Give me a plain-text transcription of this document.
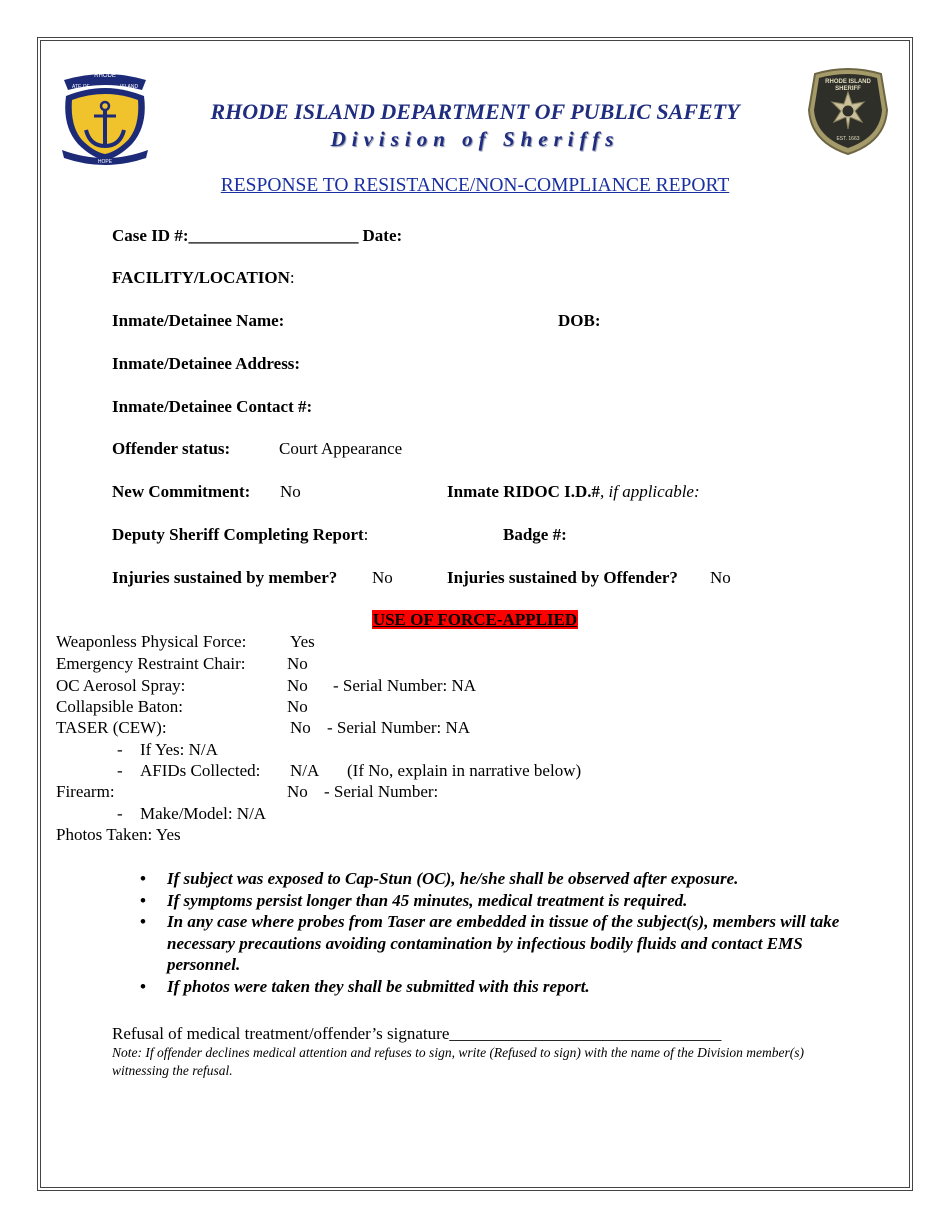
RHODE
ATE OF	ISLAND
HOPE
RHODE ISLAND
SHERIFF
EST. 1663
RHODE ISLAND DEPARTMENT OF PUBLIC SAFETY
Division of Sheriffs
RESPONSE TO RESISTANCE/NON-COMPLIANCE REPORT
Case ID #:____________________ Date:
FACILITY/LOCATION:
Inmate/Detainee Name:	DOB:
Inmate/Detainee Address:
Inmate/Detainee Contact #:
Offender status:	Court Appearance
New Commitment: No	Inmate RIDOC I.D.#, if applicable:
Deputy Sheriff Completing Report:	Badge #:
Injuries sustained by member? No	Injuries sustained by Offender? No
USE OF FORCE-APPLIED
Weaponless Physical Force:	Yes
Emergency Restraint Chair: No
OC Aerosol Spray:	No - Serial Number: NA
Collapsible Baton:	No
TASER (CEW):	No - Serial Number: NA
- If Yes: N/A
- AFIDs Collected: N/A (If No, explain in narrative below)
Firearm:	No - Serial Number:
- Make/Model: N/A
Photos Taken: Yes
• If subject was exposed to Cap-Stun (OC), he/she shall be observed after exposure.
• If symptoms persist longer than 45 minutes, medical treatment is required.
• In any case where probes from Taser are embedded in tissue of the subject(s), members will take necessary precautions avoiding contamination by infectious bodily fluids and contact EMS personnel.
• If photos were taken they shall be submitted with this report.
Refusal of medical treatment/offender’s signature________________________________
Note: If offender declines medical attention and refuses to sign, write (Refused to sign) with the name of the Division member(s) witnessing the refusal.
